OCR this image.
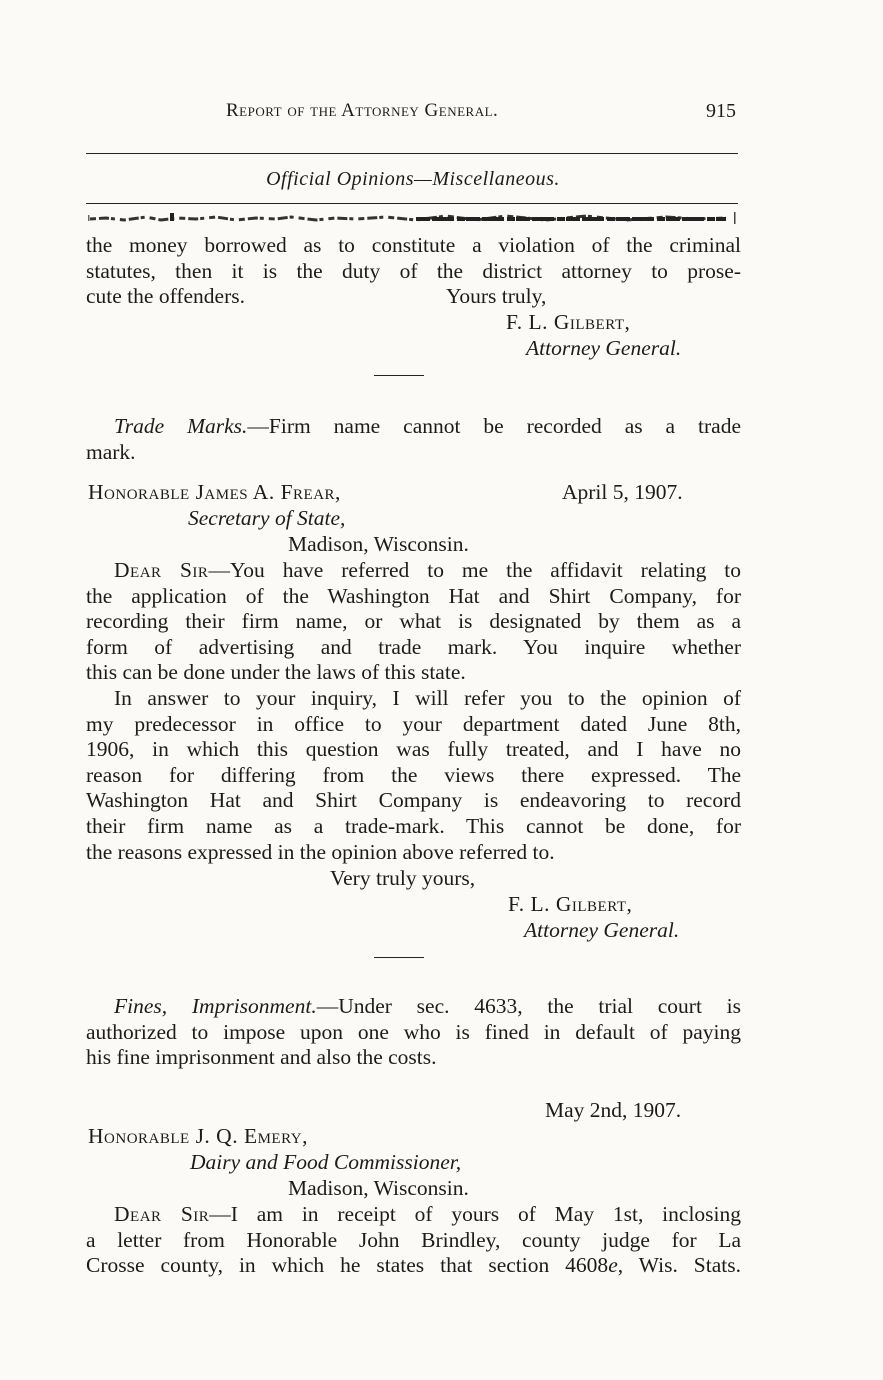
Report of the Attorney General.	915
Official Opinions—Miscellaneous.
the money borrowed as to constitute a violation of the criminal
statutes, then it is the duty of the district attorney to prose-
cute the offenders.	Yours truly,
F. L. Gilbert,
Attorney General.
Trade Marks.—Firm name cannot be recorded as a trade
mark.
Honorable James A. Frear,	April 5, 1907.
Secretary of State,
Madison, Wisconsin.
Dear Sir—You have referred to me the affidavit relating to
the application of the Washington Hat and Shirt Company, for
recording their firm name, or what is designated by them as a
form of advertising and trade mark. You inquire whether
this can be done under the laws of this state.
In answer to your inquiry, I will refer you to the opinion of
my predecessor in office to your department dated June 8th,
1906, in which this question was fully treated, and I have no
reason for differing from the views there expressed. The
Washington Hat and Shirt Company is endeavoring to record
their firm name as a trade-mark. This cannot be done, for
the reasons expressed in the opinion above referred to.
Very truly yours,
F. L. Gilbert,
Attorney General.
Fines, Imprisonment.—Under sec. 4633, the trial court is
authorized to impose upon one who is fined in default of paying
his fine imprisonment and also the costs.
May 2nd, 1907.
Honorable J. Q. Emery,
Dairy and Food Commissioner,
Madison, Wisconsin.
Dear Sir—I am in receipt of yours of May 1st, inclosing
a letter from Honorable John Brindley, county judge for La
Crosse county, in which he states that section 4608e, Wis. Stats.
